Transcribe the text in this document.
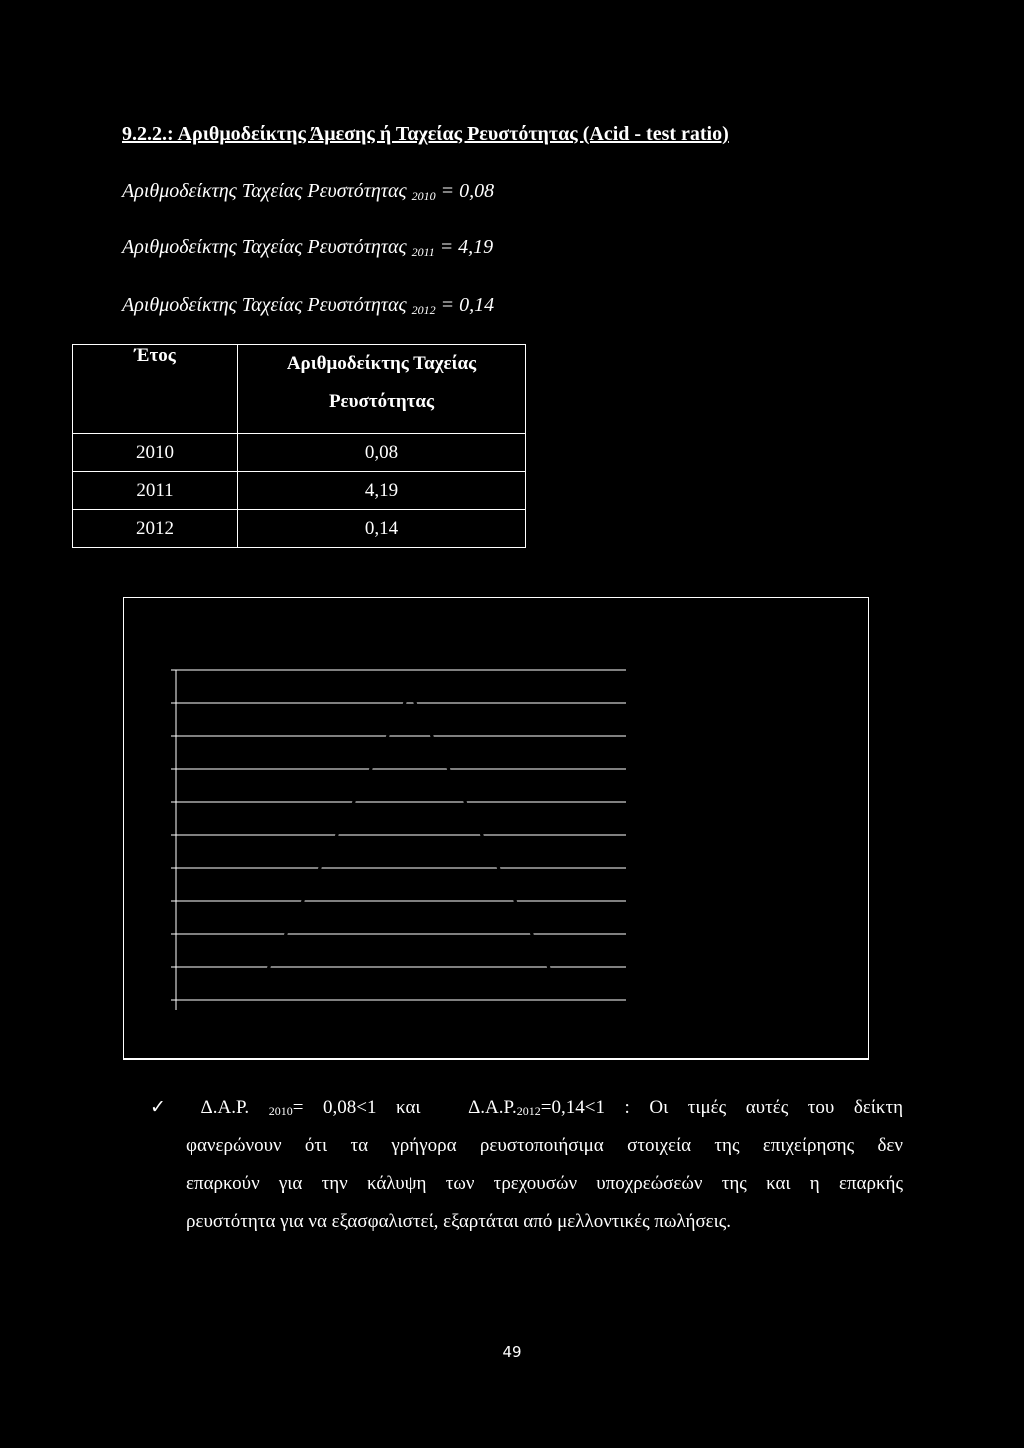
9.2.2.: Αριθμοδείκτης Άμεσης ή Ταχείας Ρευστότητας (Acid - test ratio)
Αριθμοδείκτης Ταχείας Ρευστότητας $_{2010}$ = 0,08
Αριθμοδείκτης Ταχείας Ρευστότητας $_{2011}$ = 4,19
Αριθμοδείκτης Ταχείας Ρευστότητας $_{2012}$ = 0,14
Έτος	Αριθμοδείκτης Ταχείας
Ρευστότητας
2010	0,08
2011	4,19
2012	0,14
✓ Δ.Α.Ρ. $_{2010}$= 0,08<1 και	$\Delta.A.P._{2012}=0,14<1$ : Οι τιμές αυτές του δείκτη
φανερώνουν ότι τα γρήγορα ρευστοποιήσιμα στοιχεία της επιχείρησης δεν
επαρκούν για την κάλυψη των τρεχουσών υποχρεώσεών της και η επαρκής
ρευστότητα για να εξασφαλιστεί, εξαρτάται από μελλοντικές πωλήσεις.
49
